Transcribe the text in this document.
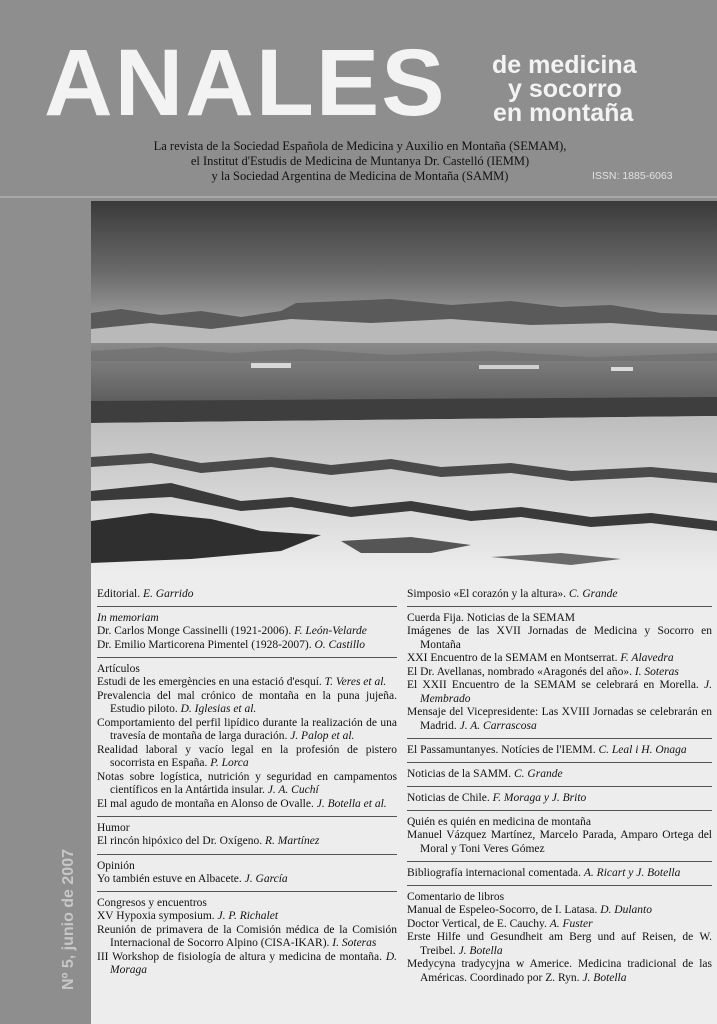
ANALES de medicina
y socorro
en montaña
La revista de la Sociedad Española de Medicina y Auxilio en Montaña (SEMAM),
el Institut d'Estudis de Medicina de Muntanya Dr. Castelló (IEMM)
y la Sociedad Argentina de Medicina de Montaña (SAMM)	ISSN: 1885-6063
Nº 5, junio de 2007
Editorial. E. Garrido
In memoriam
Dr. Carlos Monge Cassinelli (1921-2006). F. León-Velarde
Dr. Emilio Marticorena Pimentel (1928-2007). O. Castillo
Artículos
Estudi de les emergències en una estació d'esquí. T. Veres et al.
Prevalencia del mal crónico de montaña en la puna jujeña. Estudio piloto. D. Iglesias et al.
Comportamiento del perfil lipídico durante la realización de una travesía de montaña de larga duración. J. Palop et al.
Realidad laboral y vacío legal en la profesión de pistero socorrista en España. P. Lorca
Notas sobre logística, nutrición y seguridad en campamentos científicos en la Antártida insular. J. A. Cuchí
El mal agudo de montaña en Alonso de Ovalle. J. Botella et al.
Humor
El rincón hipóxico del Dr. Oxígeno. R. Martínez
Opinión
Yo también estuve en Albacete. J. García
Congresos y encuentros
XV Hypoxia symposium. J. P. Richalet
Reunión de primavera de la Comisión médica de la Comisión Internacional de Socorro Alpino (CISA-IKAR). I. Soteras
III Workshop de fisiología de altura y medicina de montaña. D. Moraga
Simposio «El corazón y la altura». C. Grande
Cuerda Fija. Noticias de la SEMAM
Imágenes de las XVII Jornadas de Medicina y Socorro en Montaña
XXI Encuentro de la SEMAM en Montserrat. F. Alavedra
El Dr. Avellanas, nombrado «Aragonés del año». I. Soteras
El XXII Encuentro de la SEMAM se celebrará en Morella. J. Membrado
Mensaje del Vicepresidente: Las XVIII Jornadas se celebrarán en Madrid. J. A. Carrascosa
El Passamuntanyes. Notícies de l'IEMM. C. Leal i H. Onaga
Noticias de la SAMM. C. Grande
Noticias de Chile. F. Moraga y J. Brito
Quién es quién en medicina de montaña
Manuel Vázquez Martínez, Marcelo Parada, Amparo Ortega del Moral y Toni Veres Gómez
Bibliografía internacional comentada. A. Ricart y J. Botella
Comentario de libros
Manual de Espeleo-Socorro, de I. Latasa. D. Dulanto
Doctor Vertical, de E. Cauchy. A. Fuster
Erste Hilfe und Gesundheit am Berg und auf Reisen, de W. Treibel. J. Botella
Medycyna tradycyjna w Americe. Medicina tradicional de las Américas. Coordinado por Z. Ryn. J. Botella
